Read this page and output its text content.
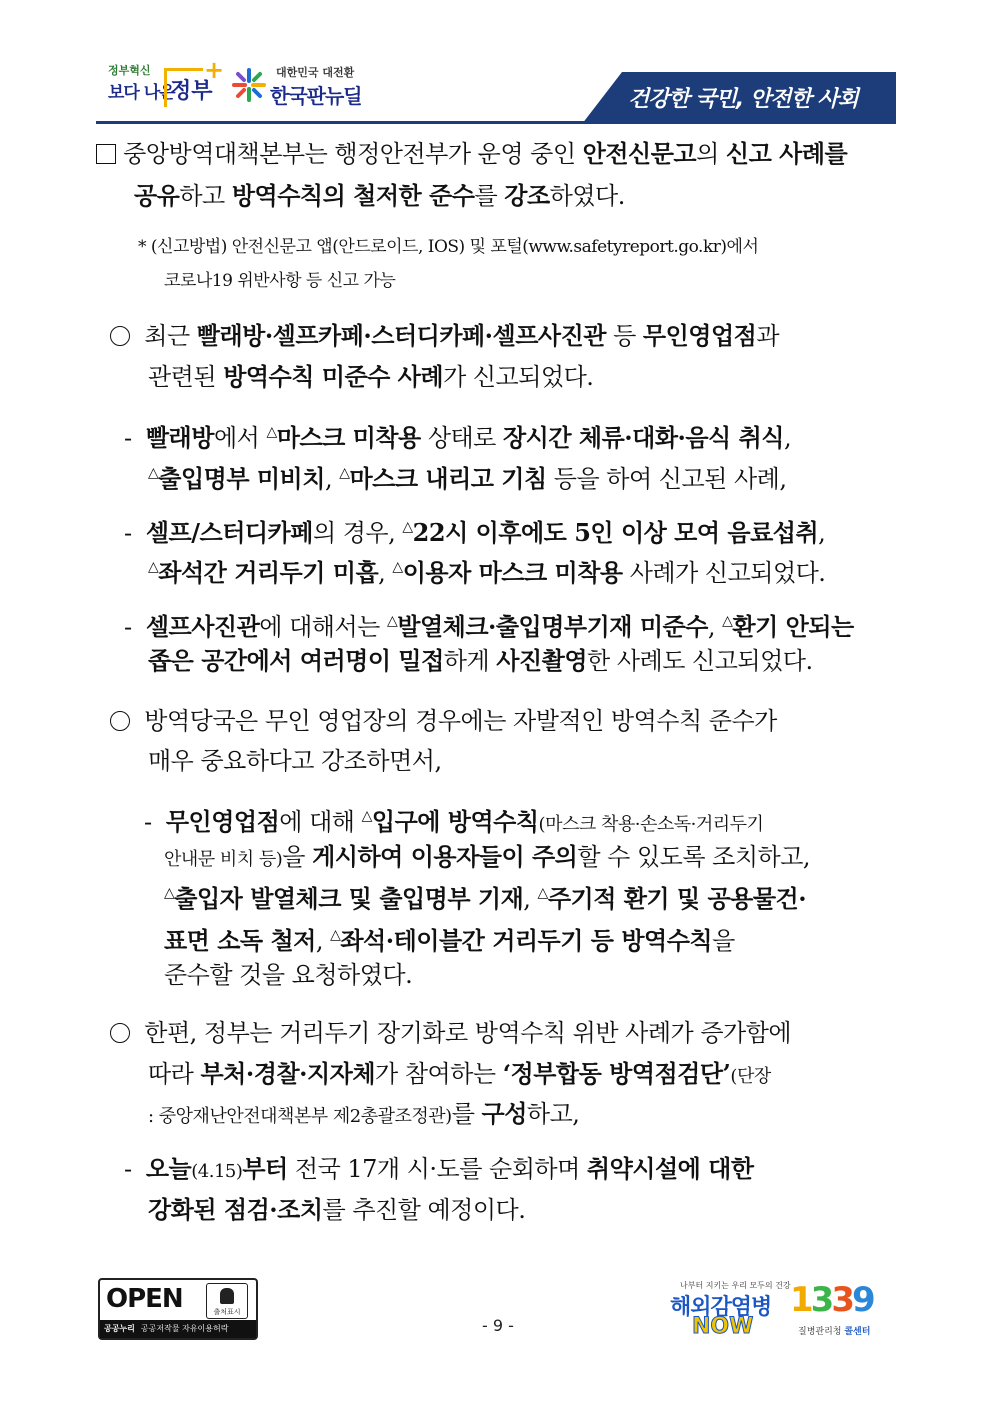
정부혁신
보다 나은
정부
+	대한민국 대전환
한국판뉴딜	건강한 국민, 안전한 사회
중앙방역대책본부는 행정안전부가 운영 중인 안전신문고의 신고 사례를
공유하고 방역수칙의 철저한 준수를 강조하였다.
* (신고방법) 안전신문고 앱(안드로이드, IOS) 및 포털(www.safetyreport.go.kr)에서
코로나19 위반사항 등 신고 가능
최근 빨래방·셀프카페·스터디카페·셀프사진관 등 무인영업점과
관련된 방역수칙 미준수 사례가 신고되었다.
- 빨래방에서 △마스크 미착용 상태로 장시간 체류·대화·음식 취식,
△출입명부 미비치, △마스크 내리고 기침 등을 하여 신고된 사례,
- 셀프/스터디카페의 경우, △22시 이후에도 5인 이상 모여 음료섭취,
△좌석간 거리두기 미흡, △이용자 마스크 미착용 사례가 신고되었다.
- 셀프사진관에 대해서는 △발열체크·출입명부기재 미준수, △환기 안되는
좁은 공간에서 여러명이 밀접하게 사진촬영한 사례도 신고되었다.
방역당국은 무인 영업장의 경우에는 자발적인 방역수칙 준수가
매우 중요하다고 강조하면서,
- 무인영업점에 대해 △입구에 방역수칙(마스크 착용·손소독·거리두기
안내문 비치 등)을 게시하여 이용자들이 주의할 수 있도록 조치하고,
△출입자 발열체크 및 출입명부 기재, △주기적 환기 및 공용물건·
표면 소독 철저, △좌석·테이블간 거리두기 등 방역수칙을
준수할 것을 요청하였다.
한편, 정부는 거리두기 장기화로 방역수칙 위반 사례가 증가함에
따라 부처·경찰·지자체가 참여하는 ‘정부합동 방역점검단’(단장
: 중앙재난안전대책본부 제2총괄조정관)를 구성하고,
- 오늘(4.15)부터 전국 17개 시·도를 순회하며 취약시설에 대한
강화된 점검·조치를 추진할 예정이다.
OPEN	출처표시
공공누리 공공저작물 자유이용허락	- 9 -
나부터 지키는 우리 모두의 건강
해외감염병
NOW
1339
질병관리청 콜센터
